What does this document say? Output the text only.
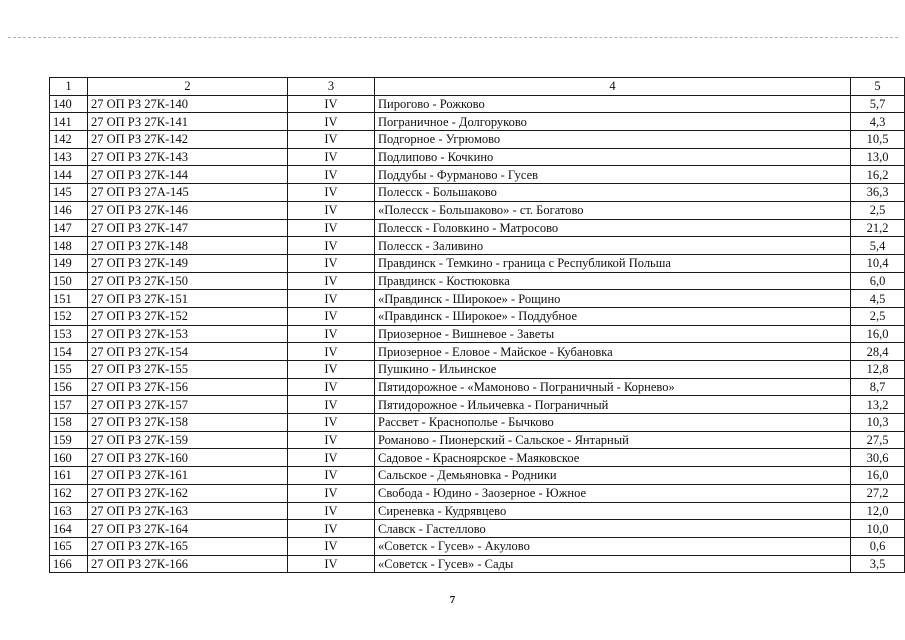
1	2	3	4	5
140	27 ОП РЗ 27К-140	IV	Пирогово - Рожково	5,7
141	27 ОП РЗ 27К-141	IV	Пограничное - Долгоруково	4,3
142	27 ОП РЗ 27К-142	IV	Подгорное - Угрюмово	10,5
143	27 ОП РЗ 27К-143	IV	Подлипово - Кочкино	13,0
144	27 ОП РЗ 27К-144	IV	Поддубы - Фурманово - Гусев	16,2
145	27 ОП РЗ 27А-145	IV	Полесск - Большаково	36,3
146	27 ОП РЗ 27К-146	IV	«Полесск - Большаково» - ст. Богатово	2,5
147	27 ОП РЗ 27К-147	IV	Полесск - Головкино - Матросово	21,2
148	27 ОП РЗ 27К-148	IV	Полесск - Заливино	5,4
149	27 ОП РЗ 27К-149	IV	Правдинск - Темкино - граница с Республикой Польша	10,4
150	27 ОП РЗ 27К-150	IV	Правдинск - Костюковка	6,0
151	27 ОП РЗ 27К-151	IV	«Правдинск - Широкое» - Рощино	4,5
152	27 ОП РЗ 27К-152	IV	«Правдинск - Широкое» - Поддубное	2,5
153	27 ОП РЗ 27К-153	IV	Приозерное - Вишневое - Заветы	16,0
154	27 ОП РЗ 27К-154	IV	Приозерное - Еловое - Майское - Кубановка	28,4
155	27 ОП РЗ 27К-155	IV	Пушкино - Ильинское	12,8
156	27 ОП РЗ 27К-156	IV	Пятидорожное - «Мамоново - Пограничный - Корнево»	8,7
157	27 ОП РЗ 27К-157	IV	Пятидорожное - Ильичевка - Пограничный	13,2
158	27 ОП РЗ 27К-158	IV	Рассвет - Краснополье - Бычково	10,3
159	27 ОП РЗ 27К-159	IV	Романово - Пионерский - Сальское - Янтарный	27,5
160	27 ОП РЗ 27К-160	IV	Садовое - Красноярское - Маяковское	30,6
161	27 ОП РЗ 27К-161	IV	Сальское - Демьяновка - Родники	16,0
162	27 ОП РЗ 27К-162	IV	Свобода - Юдино - Заозерное - Южное	27,2
163	27 ОП РЗ 27К-163	IV	Сиреневка - Кудрявцево	12,0
164	27 ОП РЗ 27К-164	IV	Славск - Гастеллово	10,0
165	27 ОП РЗ 27К-165	IV	«Советск - Гусев» - Акулово	0,6
166	27 ОП РЗ 27К-166	IV	«Советск - Гусев» - Сады	3,5
7
